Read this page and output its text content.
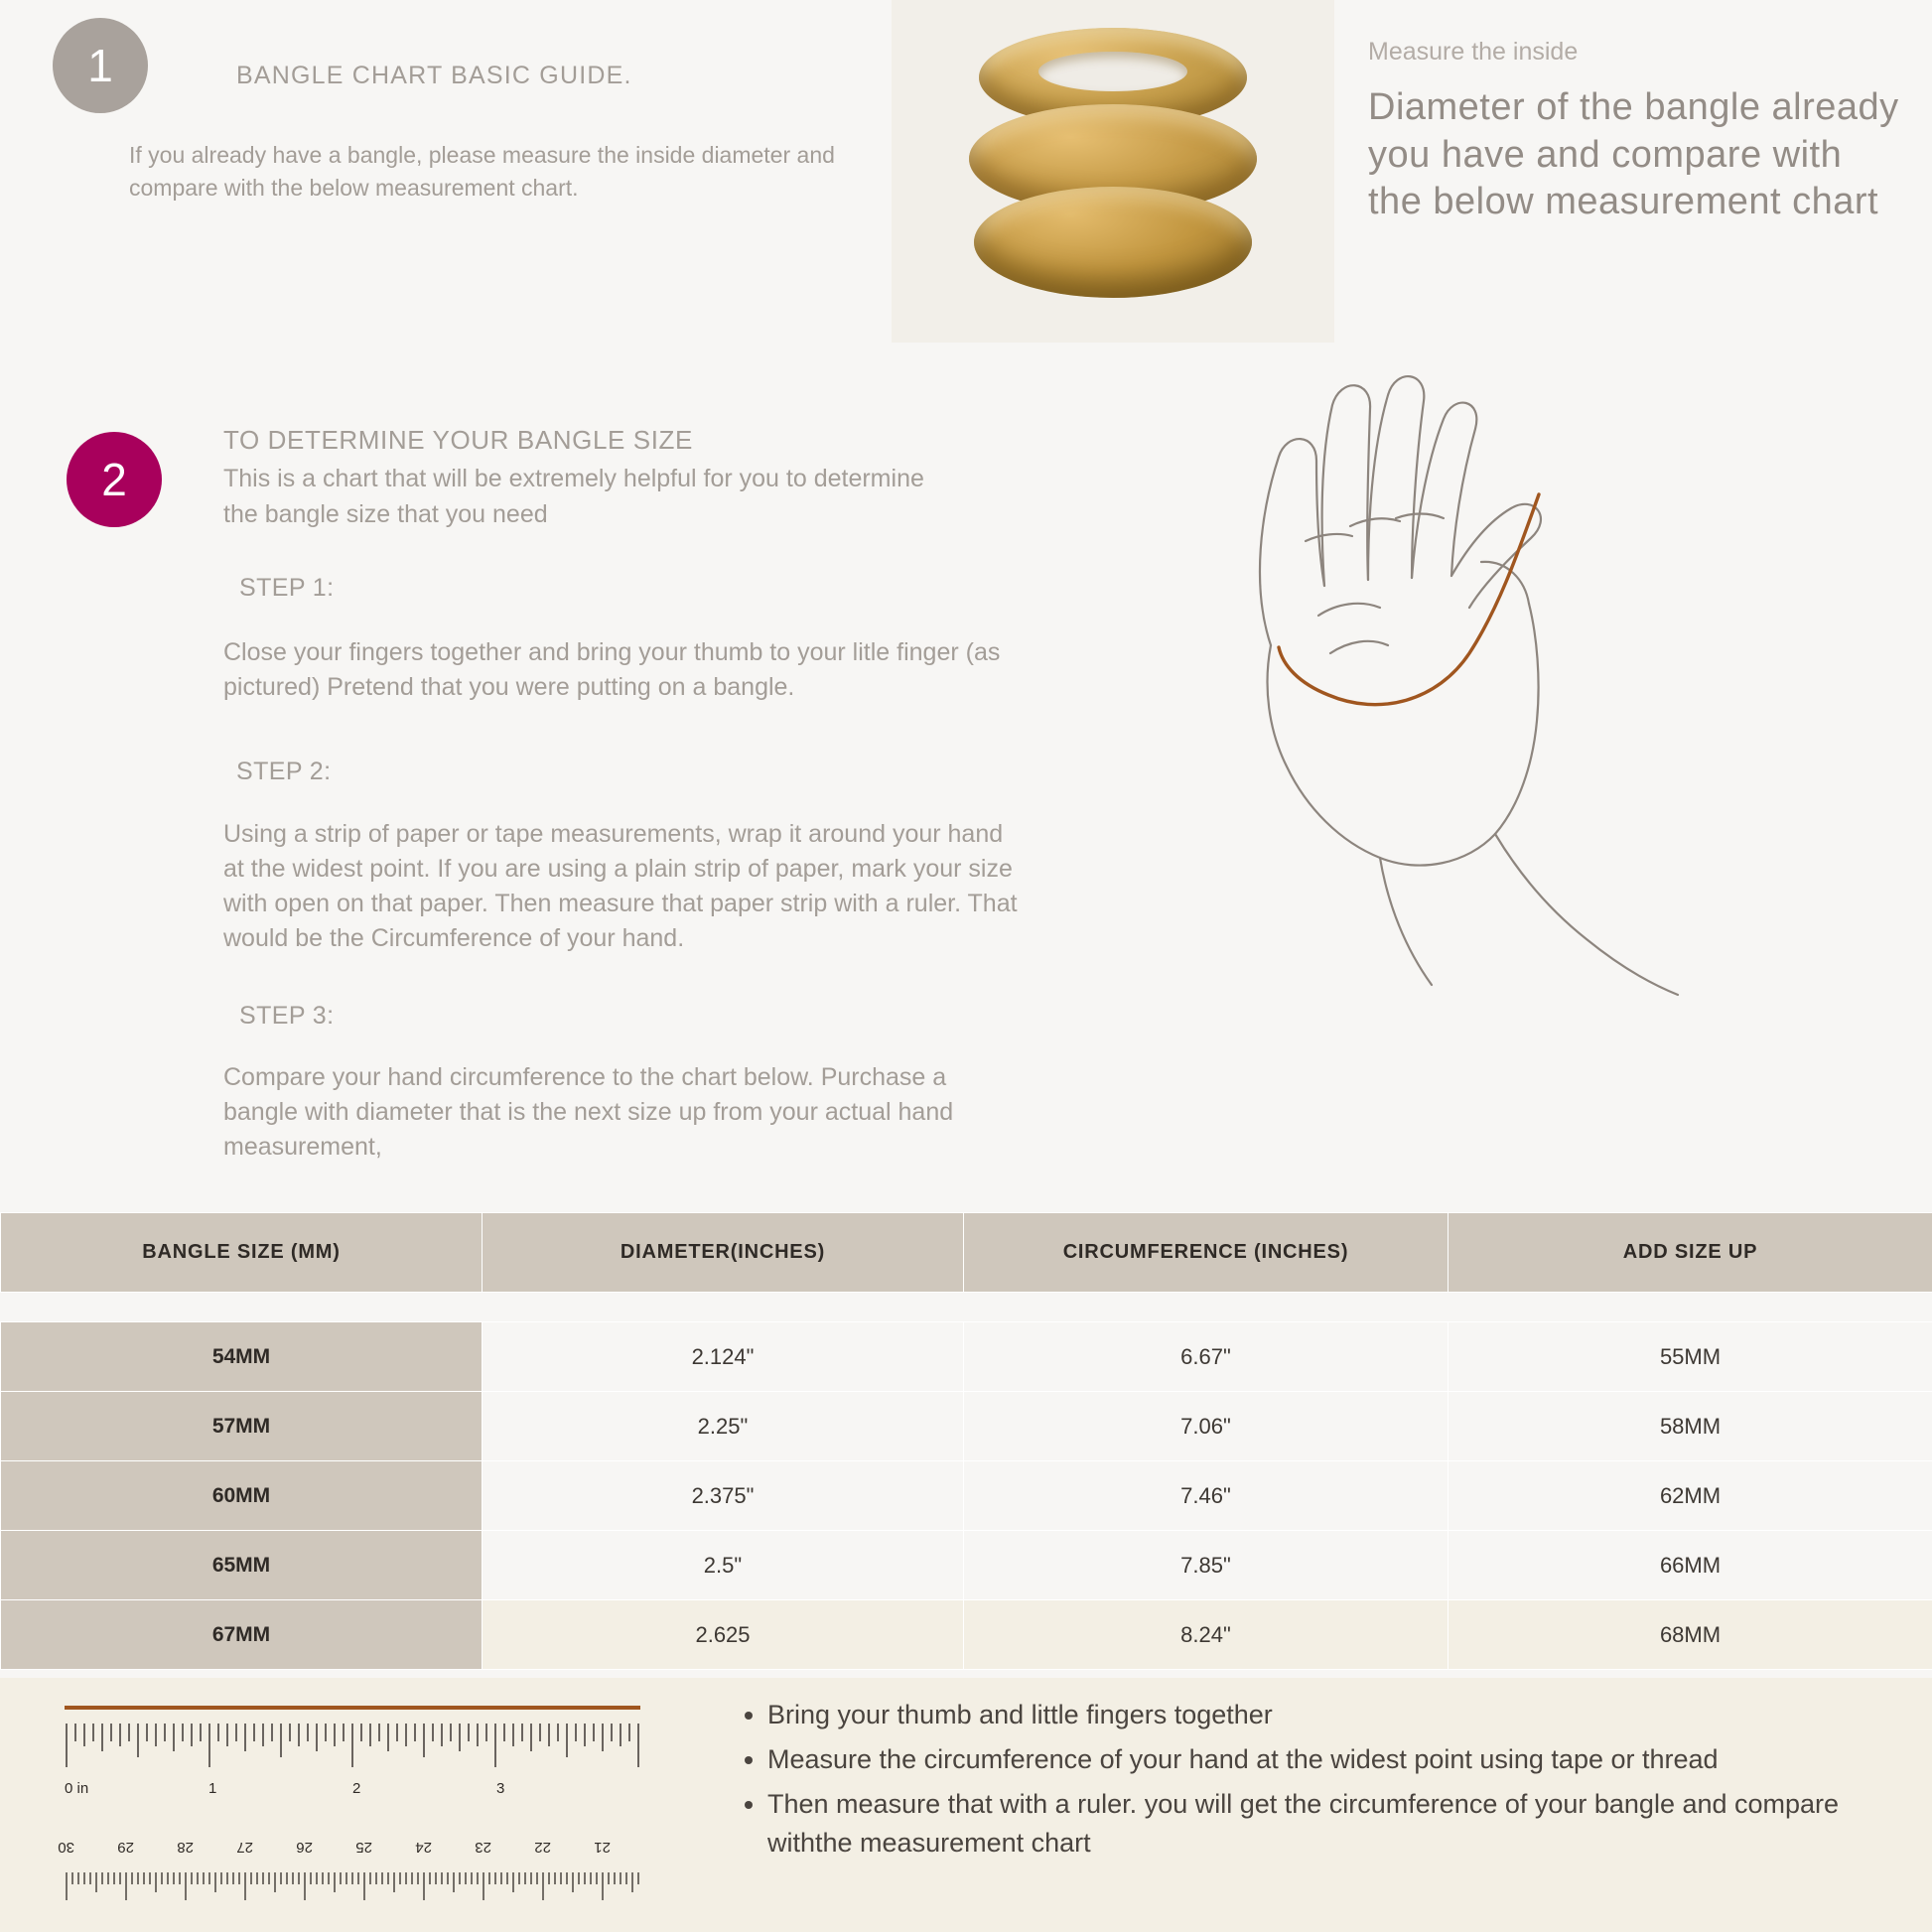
1	BANGLE CHART BASIC GUIDE.
If you already have a bangle, please measure the inside diameter and compare with the below measurement chart.
Measure the inside
Diameter of the bangle already you have and compare with the below measurement chart
2
TO DETERMINE YOUR BANGLE SIZE
This is a chart that will be extremely helpful for you to determine the bangle size that you need
STEP 1:
Close your fingers together and bring your thumb to your litle finger (as pictured) Pretend that you were putting on a bangle.
STEP 2:
Using a strip of paper or tape measurements, wrap it around your hand at the widest point. If you are using a plain strip of paper, mark your size with open on that paper. Then measure that paper strip with a ruler. That would be the Circumference of your hand.
STEP 3:
Compare your hand circumference to the chart below. Purchase a bangle with diameter that is the next size up from your actual hand measurement,
BANGLE SIZE (MM)	DIAMETER(INCHES)	CIRCUMFERENCE (INCHES)	ADD SIZE UP

54MM	2.124"	6.67"	55MM
57MM	2.25"	7.06"	58MM
60MM	2.375"	7.46"	62MM
65MM	2.5"	7.85"	66MM
67MM	2.625	8.24"	68MM
0 in	1	2	3
30	29	28	27	26	25	24	23	22	21
• Bring your thumb and little fingers together
• Measure the circumference of your hand at the widest point using tape or thread
• Then measure that with a ruler. you will get the circumference of your bangle and compare withthe measurement chart
